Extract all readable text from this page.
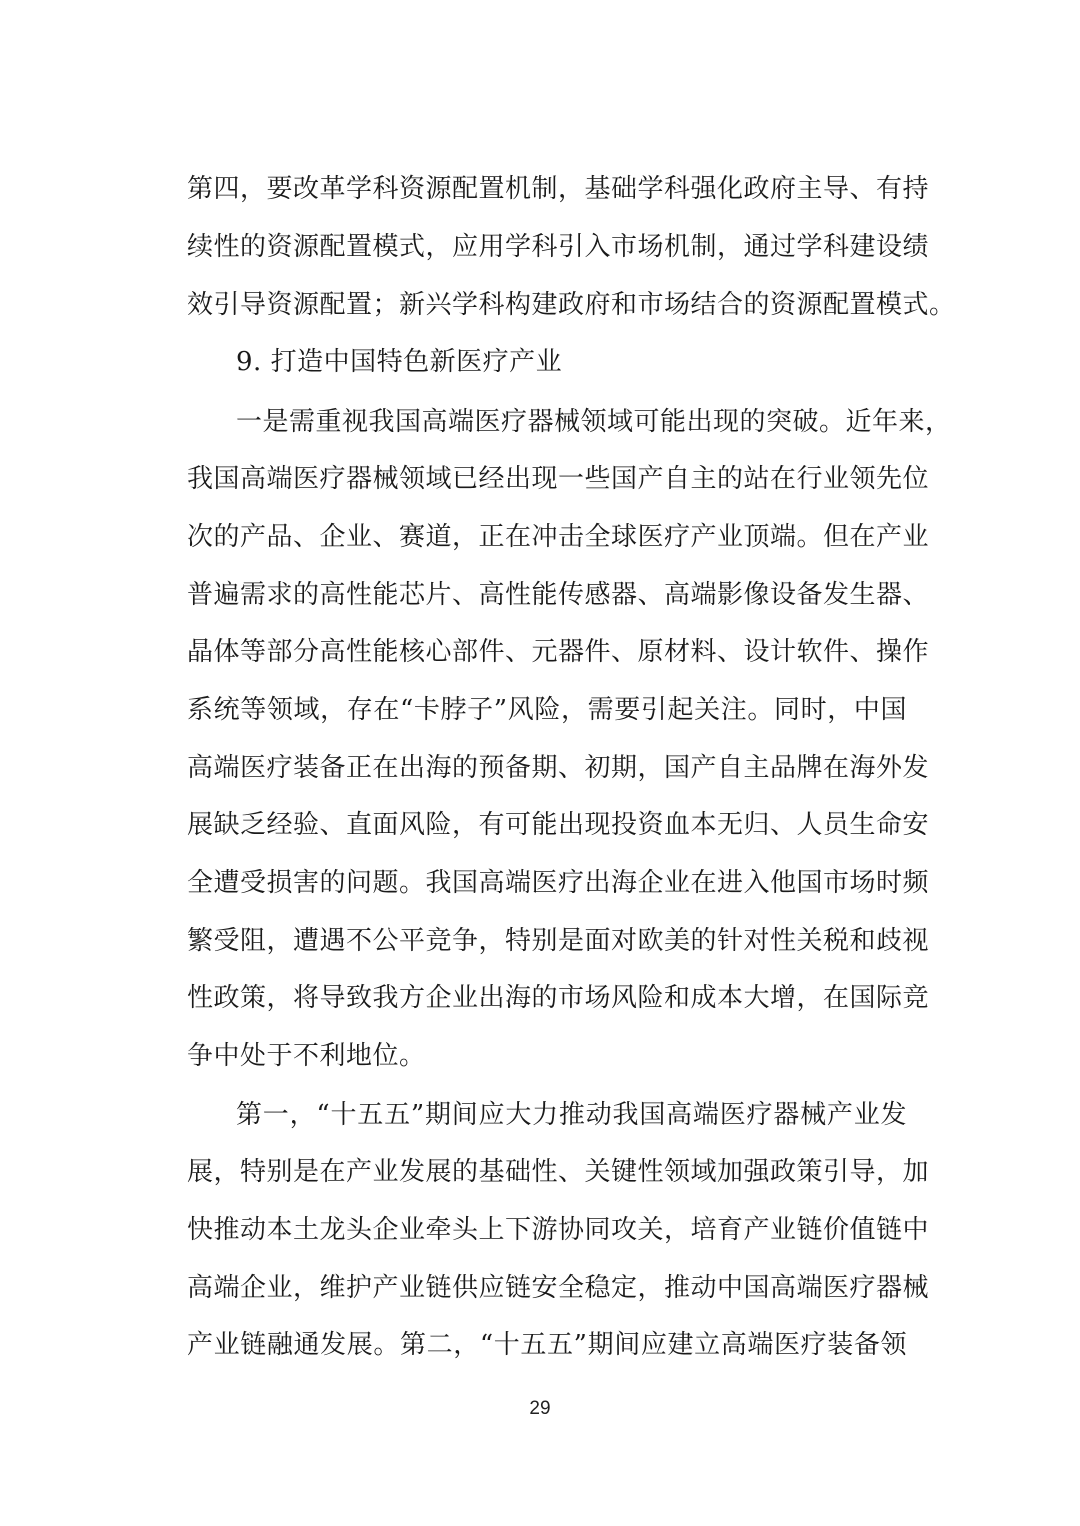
第四，要改革学科资源配置机制，基础学科强化政府主导、有持
续性的资源配置模式，应用学科引入市场机制，通过学科建设绩
效引导资源配置；新兴学科构建政府和市场结合的资源配置模式。
9. 打造中国特色新医疗产业
一是需重视我国高端医疗器械领域可能出现的突破。近年来，
我国高端医疗器械领域已经出现一些国产自主的站在行业领先位
次的产品、企业、赛道，正在冲击全球医疗产业顶端。但在产业
普遍需求的高性能芯片、高性能传感器、高端影像设备发生器、
晶体等部分高性能核心部件、元器件、原材料、设计软件、操作
系统等领域，存在“卡脖子”风险，需要引起关注。同时，中国
高端医疗装备正在出海的预备期、初期，国产自主品牌在海外发
展缺乏经验、直面风险，有可能出现投资血本无归、人员生命安
全遭受损害的问题。我国高端医疗出海企业在进入他国市场时频
繁受阻，遭遇不公平竞争，特别是面对欧美的针对性关税和歧视
性政策，将导致我方企业出海的市场风险和成本大增，在国际竞
争中处于不利地位。
第一，“十五五”期间应大力推动我国高端医疗器械产业发
展，特别是在产业发展的基础性、关键性领域加强政策引导，加
快推动本土龙头企业牵头上下游协同攻关，培育产业链价值链中
高端企业，维护产业链供应链安全稳定，推动中国高端医疗器械
产业链融通发展。第二，“十五五”期间应建立高端医疗装备领
29
